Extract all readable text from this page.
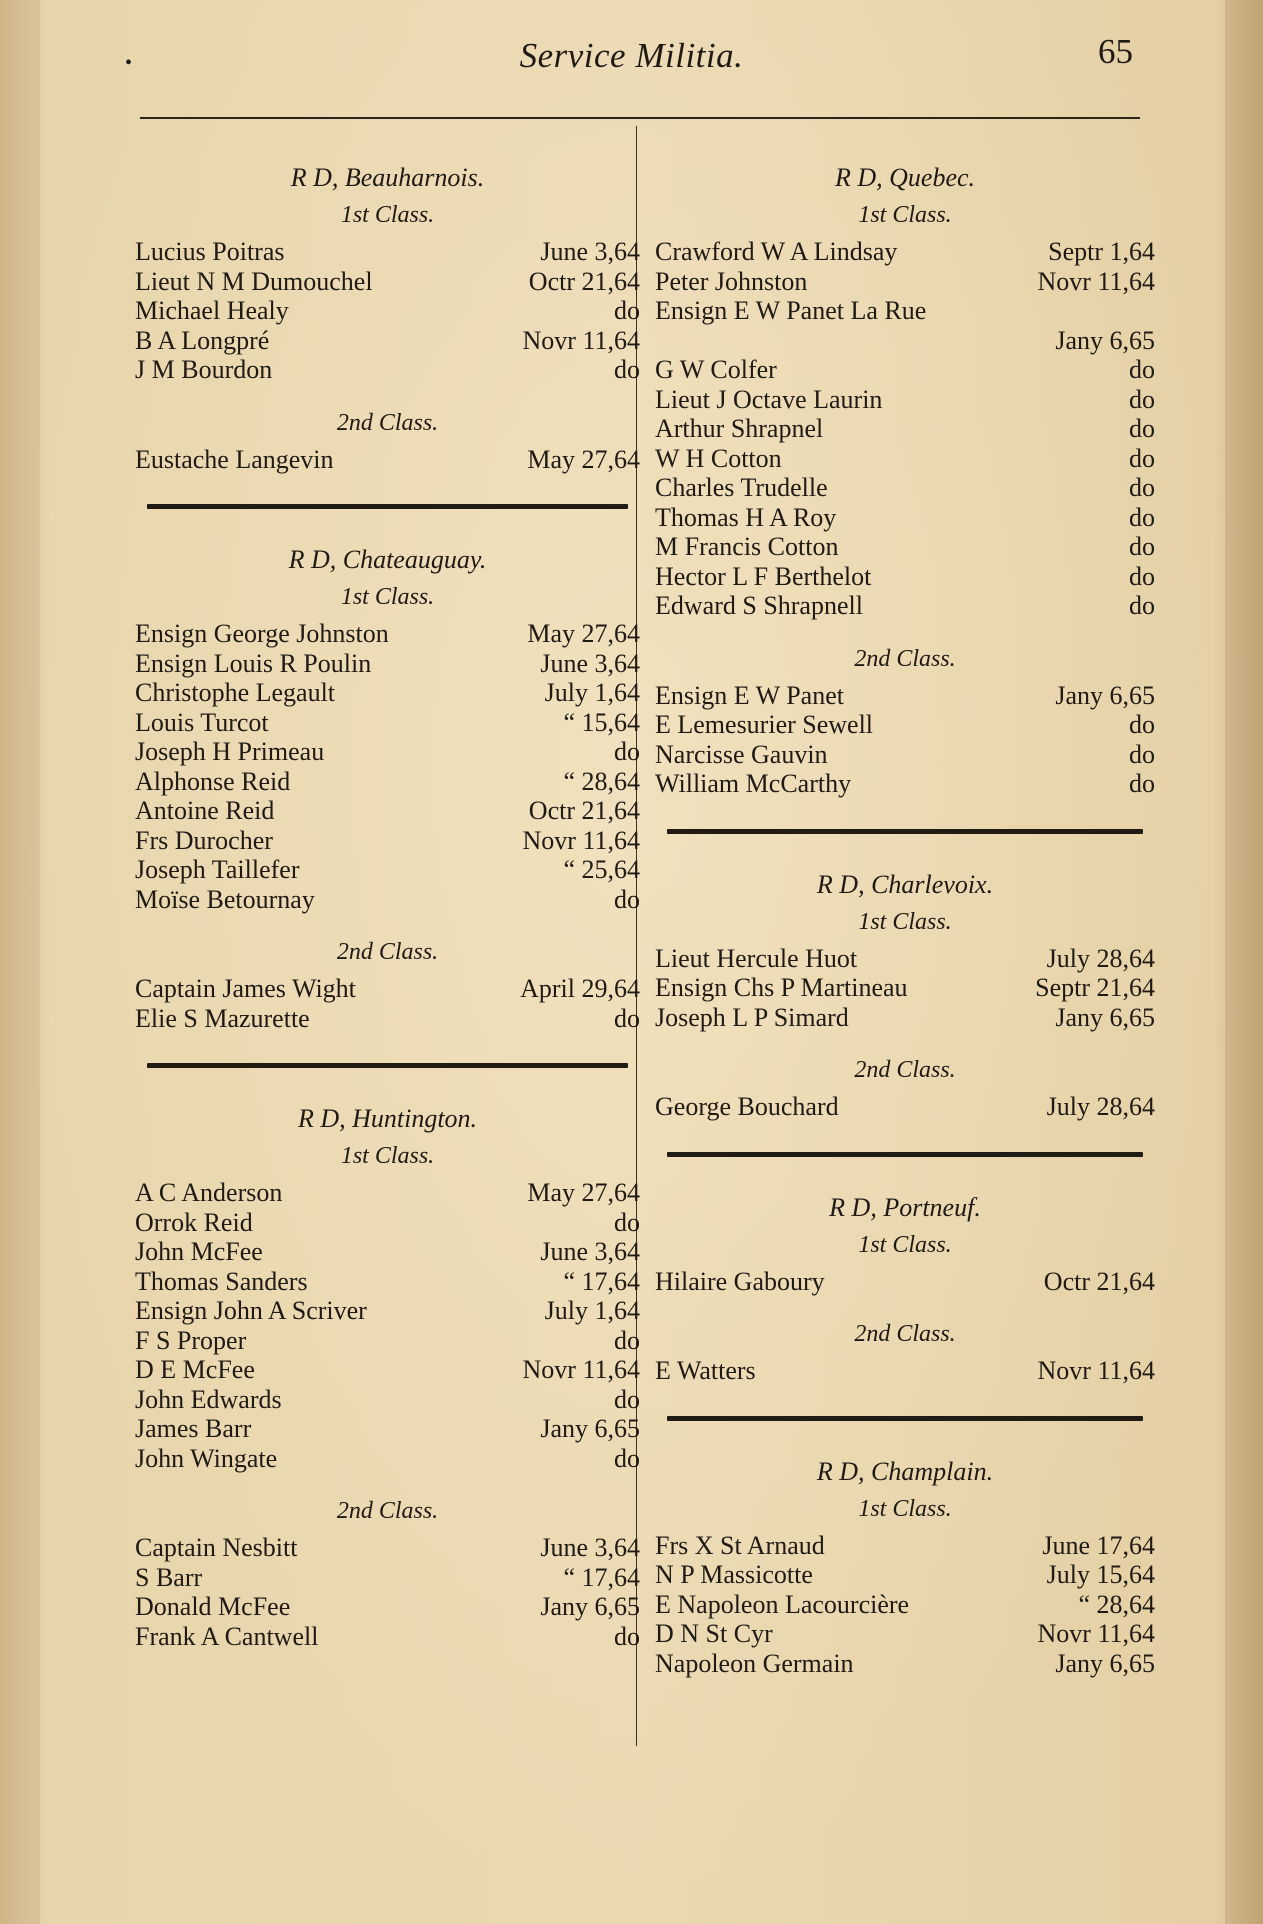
•	Service Militia.	65
R D, Beauharnois.
1st Class.
Lucius Poitras	June 3,64
Lieut N M Dumouchel	Octr 21,64
Michael Healy	do
B A Longpré	Novr 11,64
J M Bourdon	do
2nd Class.
Eustache Langevin	May 27,64
R D, Chateauguay.
1st Class.
Ensign George Johnston	May 27,64
Ensign Louis R Poulin	June 3,64
Christophe Legault	July 1,64
Louis Turcot	“ 15,64
Joseph H Primeau	do
Alphonse Reid	“ 28,64
Antoine Reid	Octr 21,64
Frs Durocher	Novr 11,64
Joseph Taillefer	“ 25,64
Moïse Betournay	do
2nd Class.
Captain James Wight	April 29,64
Elie S Mazurette	do
R D, Huntington.
1st Class.
A C Anderson	May 27,64
Orrok Reid	do
John McFee	June 3,64
Thomas Sanders	“ 17,64
Ensign John A Scriver	July 1,64
F S Proper	do
D E McFee	Novr 11,64
John Edwards	do
James Barr	Jany 6,65
John Wingate	do
2nd Class.
Captain Nesbitt	June 3,64
S Barr	“ 17,64
Donald McFee	Jany 6,65
Frank A Cantwell	do
R D, Quebec.
1st Class.
Crawford W A Lindsay	Septr 1,64
Peter Johnston	Novr 11,64
Ensign E W Panet La Rue
Jany 6,65
G W Colfer	do
Lieut J Octave Laurin	do
Arthur Shrapnel	do
W H Cotton	do
Charles Trudelle	do
Thomas H A Roy	do
M Francis Cotton	do
Hector L F Berthelot	do
Edward S Shrapnell	do
2nd Class.
Ensign E W Panet	Jany 6,65
E Lemesurier Sewell	do
Narcisse Gauvin	do
William McCarthy	do
R D, Charlevoix.
1st Class.
Lieut Hercule Huot	July 28,64
Ensign Chs P Martineau	Septr 21,64
Joseph L P Simard	Jany 6,65
2nd Class.
George Bouchard	July 28,64
R D, Portneuf.
1st Class.
Hilaire Gaboury	Octr 21,64
2nd Class.
E Watters	Novr 11,64
R D, Champlain.
1st Class.
Frs X St Arnaud	June 17,64
N P Massicotte	July 15,64
E Napoleon Lacourcière	“ 28,64
D N St Cyr	Novr 11,64
Napoleon Germain	Jany 6,65
